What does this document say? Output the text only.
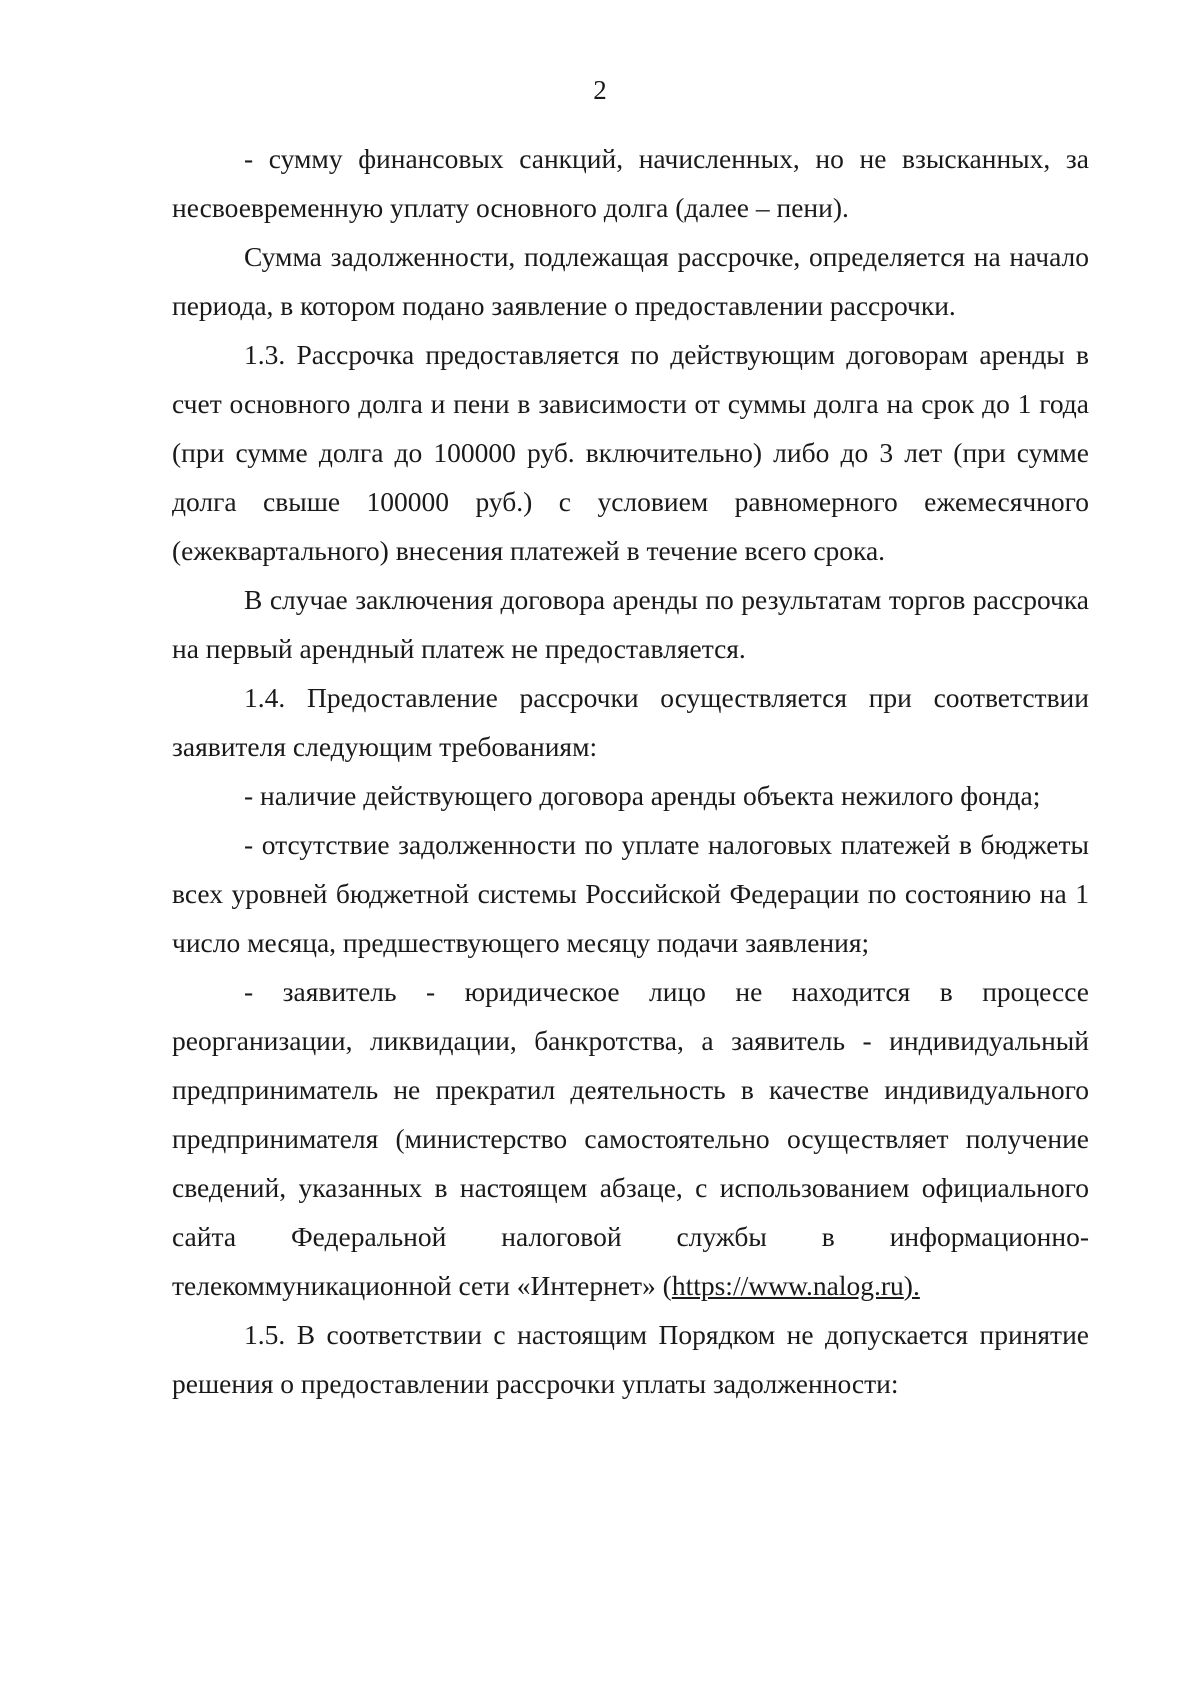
2

- сумму финансовых санкций, начисленных, но не взысканных, за несвоевременную уплату основного долга (далее – пени).

Сумма задолженности, подлежащая рассрочке, определяется на начало периода, в котором подано заявление о предоставлении рассрочки.

1.3. Рассрочка предоставляется по действующим договорам аренды в счет основного долга и пени в зависимости от суммы долга на срок до 1 года (при сумме долга до 100000 руб. включительно) либо до 3 лет (при сумме долга свыше 100000 руб.) с условием равномерного ежемесячного (ежеквартального) внесения платежей в течение всего срока.

В случае заключения договора аренды по результатам торгов рассрочка на первый арендный платеж не предоставляется.

1.4. Предоставление рассрочки осуществляется при соответствии заявителя следующим требованиям:

- наличие действующего договора аренды объекта нежилого фонда;

- отсутствие задолженности по уплате налоговых платежей в бюджеты всех уровней бюджетной системы Российской Федерации по состоянию на 1 число месяца, предшествующего месяцу подачи заявления;

- заявитель - юридическое лицо не находится в процессе реорганизации, ликвидации, банкротства, а заявитель - индивидуальный предприниматель не прекратил деятельность в качестве индивидуального предпринимателя (министерство самостоятельно осуществляет получение сведений, указанных в настоящем абзаце, с использованием официального сайта Федеральной налоговой службы в информационно-телекоммуникационной сети «Интернет» (https://www.nalog.ru).

1.5. В соответствии с настоящим Порядком не допускается принятие решения о предоставлении рассрочки уплаты задолженности:
